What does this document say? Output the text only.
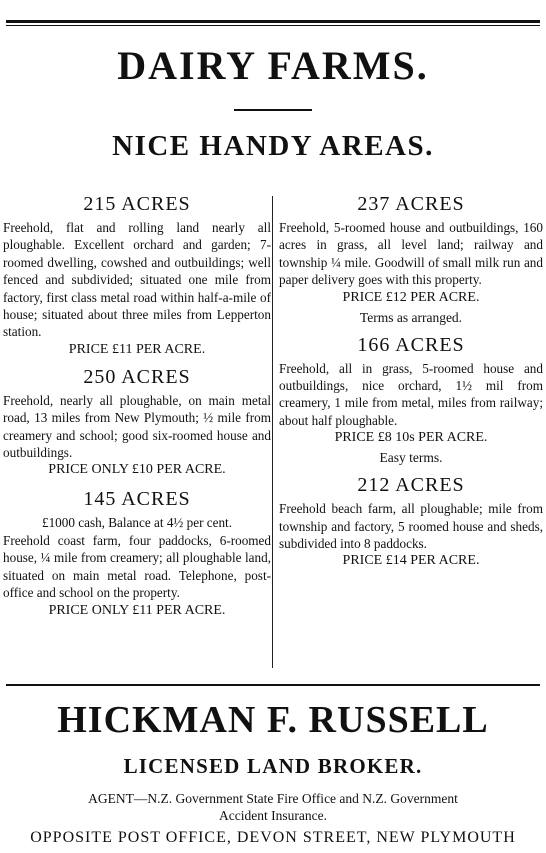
DAIRY FARMS.
NICE HANDY AREAS.

215 ACRES

Freehold, flat and rolling land nearly all ploughable. Excellent orchard and garden; 7-roomed dwelling, cowshed and outbuildings; well fenced and subdivided; situated one mile from factory, first class metal road within half-a-mile of house; situated about three miles from Lepperton station.

PRICE £11 PER ACRE.

250 ACRES

Freehold, nearly all ploughable, on main metal road, 13 miles from New Plymouth; ½ mile from creamery and school; good six-roomed house and outbuildings.

PRICE ONLY £10 PER ACRE.

145 ACRES

£1000 cash, Balance at 4½ per cent.

Freehold coast farm, four paddocks, 6-roomed house, ¼ mile from creamery; all ploughable land, situated on main metal road. Telephone, post-office and school on the property.

PRICE ONLY £11 PER ACRE.

237 ACRES

Freehold, 5-roomed house and outbuildings, 160 acres in grass, all level land; railway and township ¼ mile. Goodwill of small milk run and paper delivery goes with this property.

PRICE £12 PER ACRE.

Terms as arranged.

166 ACRES

Freehold, all in grass, 5-roomed house and outbuildings, nice orchard, 1½ mil from creamery, 1 mile from metal, miles from railway; about half ploughable.

PRICE £8 10s PER ACRE.

Easy terms.

212 ACRES

Freehold beach farm, all ploughable; mile from township and factory, 5 roomed house and sheds, subdivided into 8 paddocks.

PRICE £14 PER ACRE.

HICKMAN F. RUSSELL
LICENSED LAND BROKER.
AGENT—N.Z. Government State Fire Office and N.Z. Government
Accident Insurance.
OPPOSITE POST OFFICE, DEVON STREET, NEW PLYMOUTH
